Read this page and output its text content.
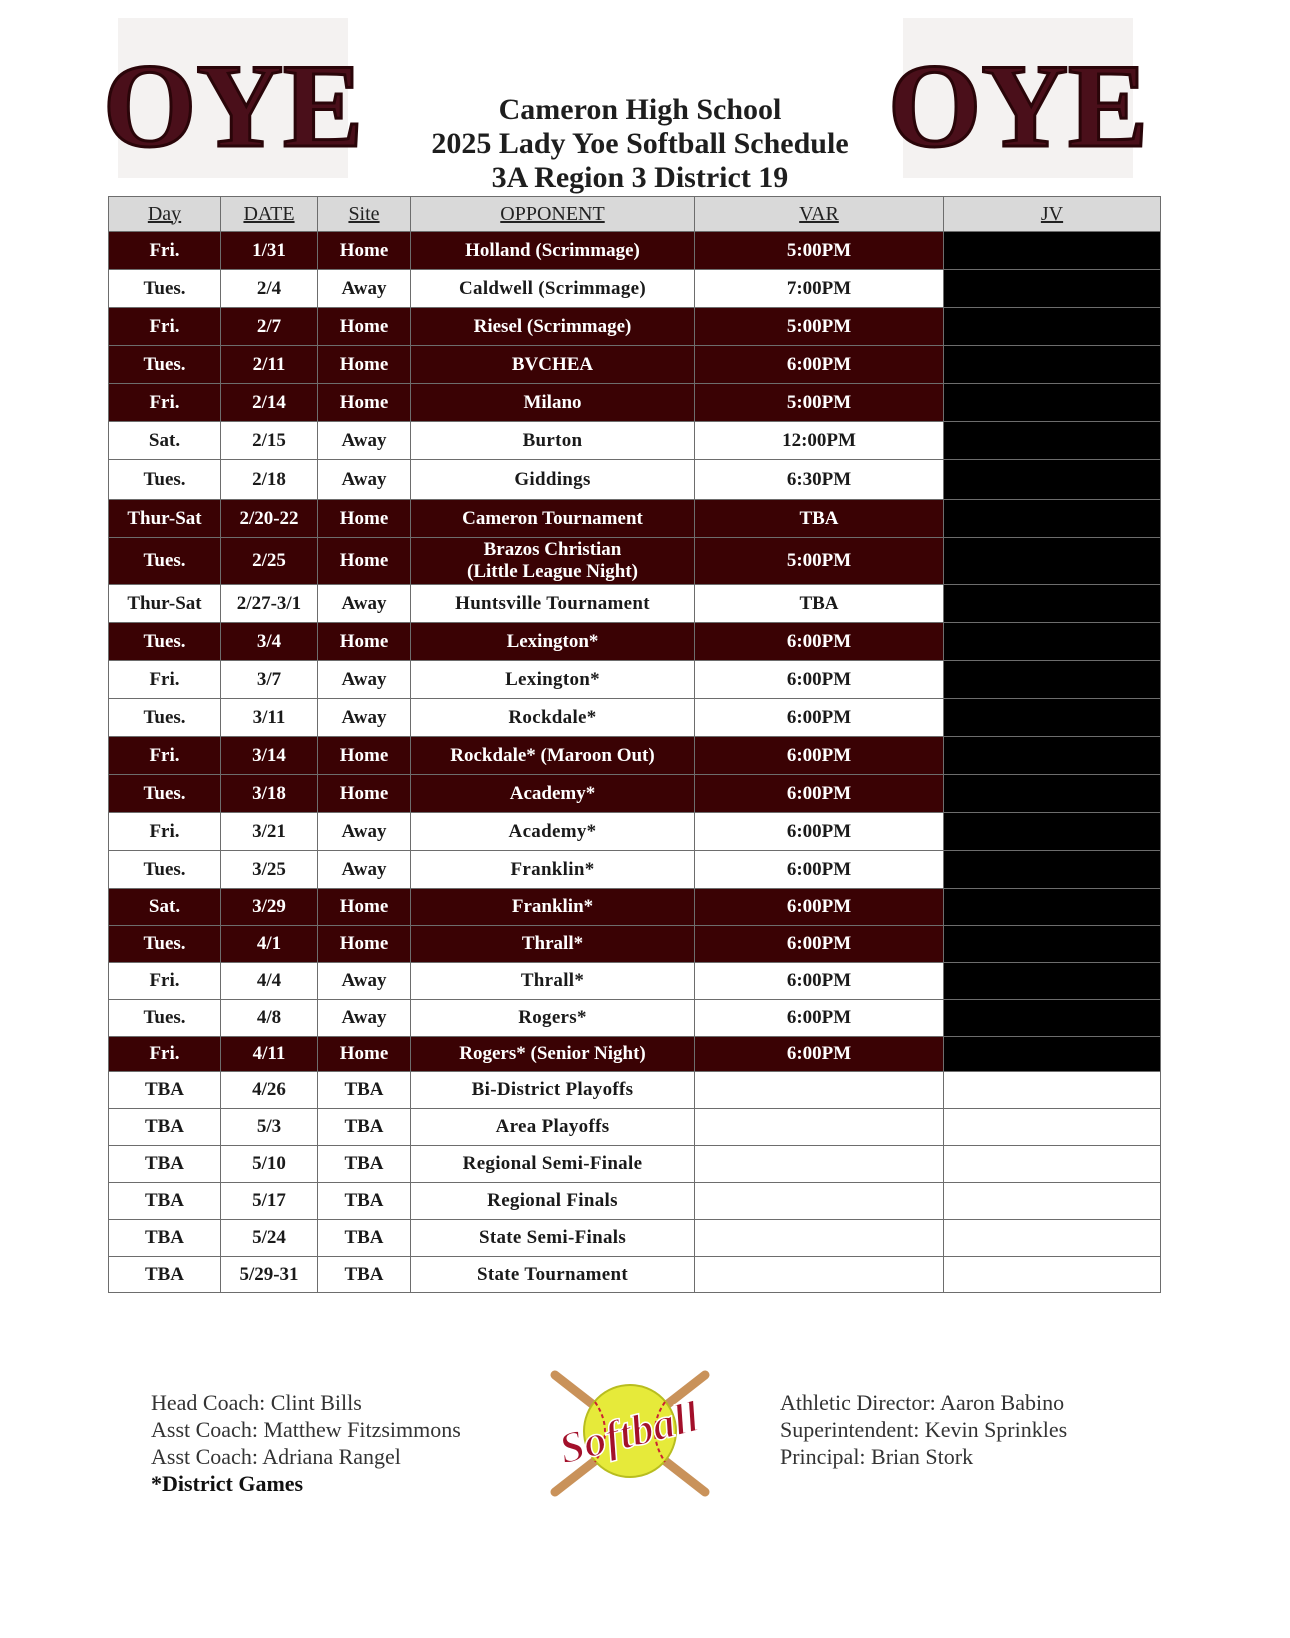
OYE	OYE
Cameron High School
2025 Lady Yoe Softball Schedule
3A Region 3 District 19
Day	DATE	Site	OPPONENT	VAR	JV
Fri.	1/31	Home	Holland (Scrimmage)	5:00PM	
Tues.	2/4	Away	Caldwell (Scrimmage)	7:00PM	
Fri.	2/7	Home	Riesel (Scrimmage)	5:00PM	
Tues.	2/11	Home	BVCHEA	6:00PM	
Fri.	2/14	Home	Milano	5:00PM	
Sat.	2/15	Away	Burton	12:00PM	
Tues.	2/18	Away	Giddings	6:30PM	
Thur-Sat	2/20-22	Home	Cameron Tournament	TBA	
Tues.	2/25	Home	Brazos Christian
(Little League Night)	5:00PM	
Thur-Sat	2/27-3/1	Away	Huntsville Tournament	TBA	
Tues.	3/4	Home	Lexington*	6:00PM	
Fri.	3/7	Away	Lexington*	6:00PM	
Tues.	3/11	Away	Rockdale*	6:00PM	
Fri.	3/14	Home	Rockdale* (Maroon Out)	6:00PM	
Tues.	3/18	Home	Academy*	6:00PM	
Fri.	3/21	Away	Academy*	6:00PM	
Tues.	3/25	Away	Franklin*	6:00PM	
Sat.	3/29	Home	Franklin*	6:00PM	
Tues.	4/1	Home	Thrall*	6:00PM	
Fri.	4/4	Away	Thrall*	6:00PM	
Tues.	4/8	Away	Rogers*	6:00PM	
Fri.	4/11	Home	Rogers* (Senior Night)	6:00PM	
TBA	4/26	TBA	Bi-District Playoffs		
TBA	5/3	TBA	Area Playoffs		
TBA	5/10	TBA	Regional Semi-Finale		
TBA	5/17	TBA	Regional Finals		
TBA	5/24	TBA	State Semi-Finals		
TBA	5/29-31	TBA	State Tournament		
Head Coach: Clint Bills
Asst Coach: Matthew Fitzsimmons
Asst Coach: Adriana Rangel
*District Games
Softball	Athletic Director: Aaron Babino
Superintendent: Kevin Sprinkles
Principal: Brian Stork
